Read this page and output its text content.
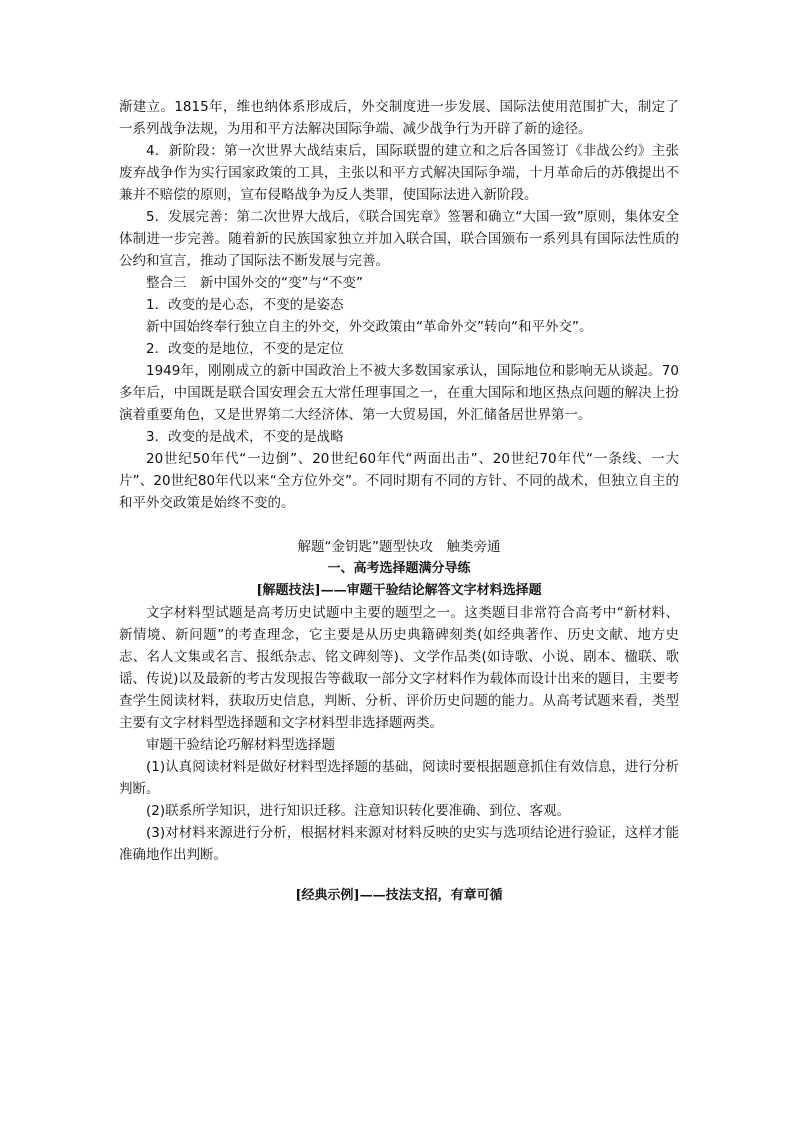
渐建立。1815年，维也纳体系形成后，外交制度进一步发展、国际法使用范围扩大，制定了一系列战争法规，为用和平方法解决国际争端、减少战争行为开辟了新的途径。

4．新阶段：第一次世界大战结束后，国际联盟的建立和之后各国签订《非战公约》主张废弃战争作为实行国家政策的工具，主张以和平方式解决国际争端，十月革命后的苏俄提出不兼并不赔偿的原则，宣布侵略战争为反人类罪，使国际法进入新阶段。

5．发展完善：第二次世界大战后，《联合国宪章》签署和确立“大国一致”原则，集体安全体制进一步完善。随着新的民族国家独立并加入联合国，联合国颁布一系列具有国际法性质的公约和宣言，推动了国际法不断发展与完善。

整合三　新中国外交的“变”与“不变”

1．改变的是心态，不变的是姿态

新中国始终奉行独立自主的外交，外交政策由“革命外交”转向“和平外交”。

2．改变的是地位，不变的是定位

1949年，刚刚成立的新中国政治上不被大多数国家承认，国际地位和影响无从谈起。70多年后，中国既是联合国安理会五大常任理事国之一，在重大国际和地区热点问题的解决上扮演着重要角色，又是世界第二大经济体、第一大贸易国，外汇储备居世界第一。

3．改变的是战术，不变的是战略

20世纪50年代“一边倒”、20世纪60年代“两面出击”、20世纪70年代“一条线、一大片”、20世纪80年代以来“全方位外交”。不同时期有不同的方针、不同的战术，但独立自主的和平外交政策是始终不变的。

解题“金钥匙”题型快攻　触类旁通

一、高考选择题满分导练

[解题技法]——审题干验结论解答文字材料选择题

文字材料型试题是高考历史试题中主要的题型之一。这类题目非常符合高考中“新材料、新情境、新问题”的考查理念，它主要是从历史典籍碑刻类(如经典著作、历史文献、地方史志、名人文集或名言、报纸杂志、铭文碑刻等)、文学作品类(如诗歌、小说、剧本、楹联、歌谣、传说)以及最新的考古发现报告等截取一部分文字材料作为载体而设计出来的题目，主要考查学生阅读材料，获取历史信息，判断、分析、评价历史问题的能力。从高考试题来看，类型主要有文字材料型选择题和文字材料型非选择题两类。

审题干验结论巧解材料型选择题

(1)认真阅读材料是做好材料型选择题的基础，阅读时要根据题意抓住有效信息，进行分析判断。

(2)联系所学知识，进行知识迁移。注意知识转化要准确、到位、客观。

(3)对材料来源进行分析，根据材料来源对材料反映的史实与选项结论进行验证，这样才能准确地作出判断。

[经典示例]——技法支招，有章可循
